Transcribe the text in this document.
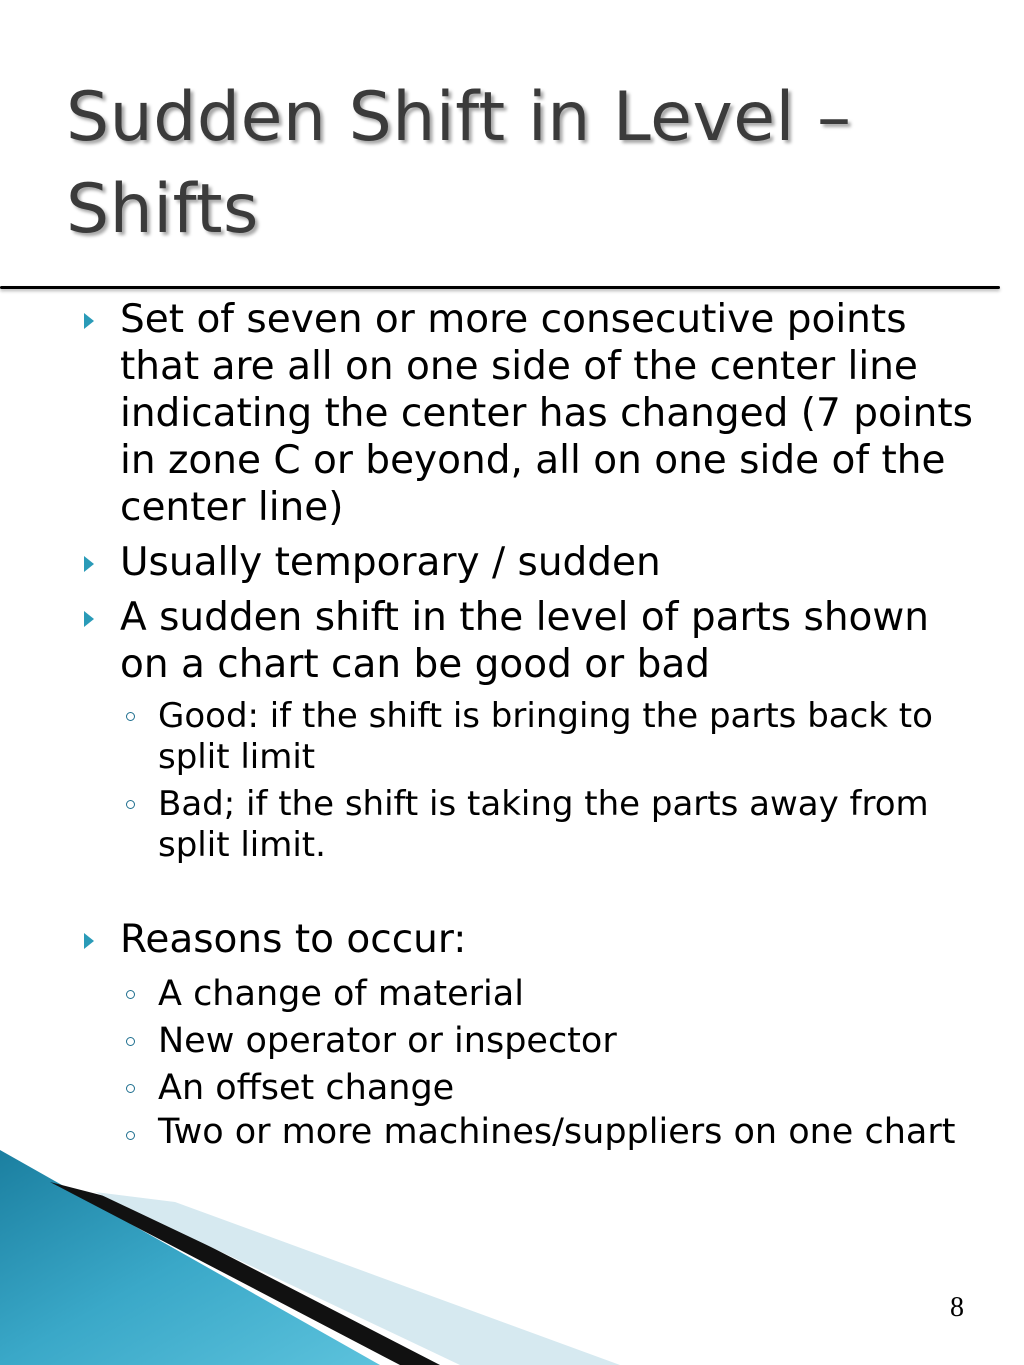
Sudden Shift in Level –
Shifts
Set of seven or more consecutive points that are all on one side of the center line indicating the center has changed (7 points in zone C or beyond, all on one side of the center line)
Usually temporary / sudden
A sudden shift in the level of parts shown on a chart can be good or bad
Good: if the shift is bringing the parts back to split limit
Bad; if the shift is taking the parts away from split limit.
Reasons to occur:
A change of material
New operator or inspector
An offset change
Two or more machines/suppliers on one chart
8
